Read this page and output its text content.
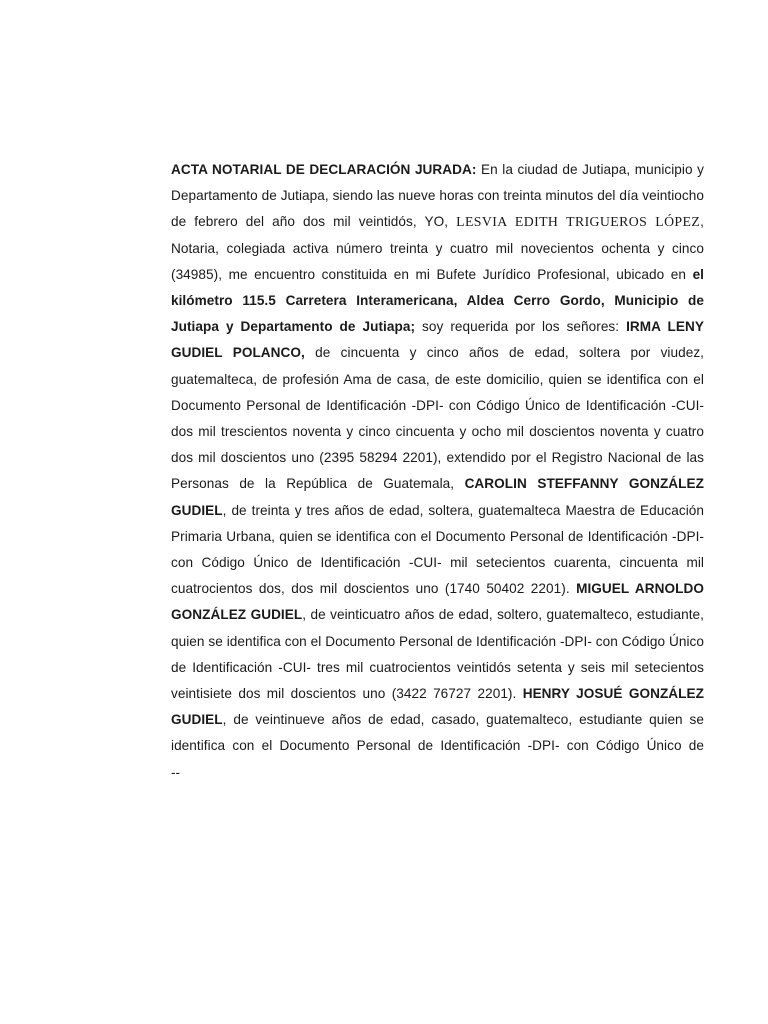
ACTA NOTARIAL DE DECLARACIÓN JURADA: En la ciudad de Jutiapa, municipio y Departamento de Jutiapa, siendo las nueve horas con treinta minutos del día veintiocho de febrero del año dos mil veintidós, YO, LESVIA EDITH TRIGUEROS LÓPEZ, Notaria, colegiada activa número treinta y cuatro mil novecientos ochenta y cinco (34985), me encuentro constituida en mi Bufete Jurídico Profesional, ubicado en el kilómetro 115.5 Carretera Interamericana, Aldea Cerro Gordo, Municipio de Jutiapa y Departamento de Jutiapa; soy requerida por los señores: IRMA LENY GUDIEL POLANCO, de cincuenta y cinco años de edad, soltera por viudez, guatemalteca, de profesión Ama de casa, de este domicilio, quien se identifica con el Documento Personal de Identificación -DPI- con Código Único de Identificación -CUI- dos mil trescientos noventa y cinco cincuenta y ocho mil doscientos noventa y cuatro dos mil doscientos uno (2395 58294 2201), extendido por el Registro Nacional de las Personas de la República de Guatemala, CAROLIN STEFFANNY GONZÁLEZ GUDIEL, de treinta y tres años de edad, soltera, guatemalteca Maestra de Educación Primaria Urbana, quien se identifica con el Documento Personal de Identificación -DPI- con Código Único de Identificación -CUI- mil setecientos cuarenta, cincuenta mil cuatrocientos dos, dos mil doscientos uno (1740 50402 2201). MIGUEL ARNOLDO GONZÁLEZ GUDIEL, de veinticuatro años de edad, soltero, guatemalteco, estudiante, quien se identifica con el Documento Personal de Identificación -DPI- con Código Único de Identificación -CUI- tres mil cuatrocientos veintidós setenta y seis mil setecientos veintisiete dos mil doscientos uno (3422 76727 2201). HENRY JOSUÉ GONZÁLEZ GUDIEL, de veintinueve años de edad, casado, guatemalteco, estudiante quien se identifica con el Documento Personal de Identificación -DPI- con Código Único de

--
